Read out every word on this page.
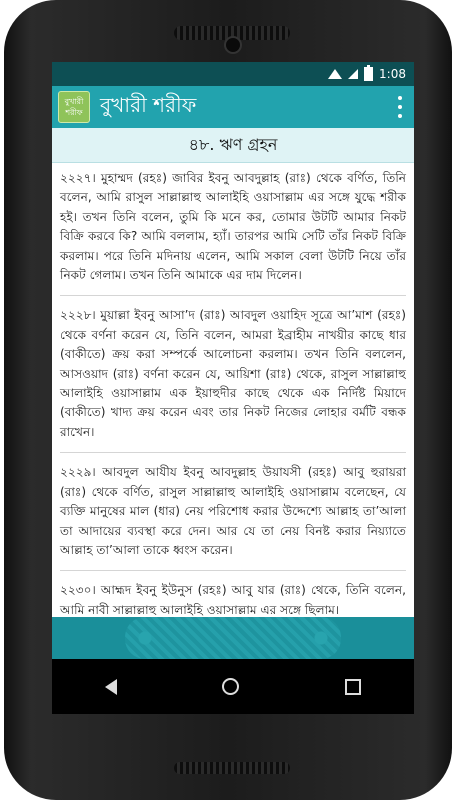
1:08
বুখারী
শরীফ বুখারী শরীফ
৪৮. ঋণ গ্রহন

২২২৭। মুহাম্মদ (রহঃ) জাবির ইবনু আবদুল্লাহ (রাঃ) থেকে বর্ণিত, তিনি বলেন, আমি রাসুল সাল্লাল্লাহু আলাইহি ওয়াসাল্লাম এর সঙ্গে যুদ্ধে শরীক হই। তখন তিনি বলেন, তুমি কি মনে কর, তোমার উটটি আমার নিকট বিক্রি করবে কি? আমি বললাম, হ্যাঁ। তারপর আমি সেটি তাঁর নিকট বিক্রি করলাম। পরে তিনি মদিনায় এলেন, আমি সকাল বেলা উটটি নিয়ে তাঁর নিকট গেলাম। তখন তিনি আমাকে এর দাম দিলেন।

২২২৮। মুয়াল্লা ইবনু আসা’দ (রাঃ) আবদুল ওয়াহিদ সূত্রে আ’মাশ (রহঃ) থেকে বর্ণনা করেন যে, তিনি বলেন, আমরা ইব্রাহীম নাখয়ীর কাছে ধার (বাকীতে) ক্রয় করা সম্পর্কে আলোচনা করলাম। তখন তিনি বললেন, আসওয়াদ (রাঃ) বর্ণনা করেন যে, আয়িশা (রাঃ) থেকে, রাসুল সাল্লাল্লাহু আলাইহি ওয়াসাল্লাম এক ইয়াহুদীর কাছে থেকে এক নির্দিষ্ট মিয়াদে (বাকীতে) খাদ্য ক্রয় করেন এবং তার নিকট নিজের লোহার বর্মটি বন্ধক রাখেন।

২২২৯। আবদুল আযীয ইবনু আবদুল্লাহ উয়াযসী (রহঃ) আবু হুরায়রা (রাঃ) থেকে বর্ণিত, রাসুল সাল্লাল্লাহু আলাইহি ওয়াসাল্লাম বলেছেন, যে ব্যক্তি মানুষের মাল (ধার) নেয় পরিশোধ করার উদ্দেশ্যে আল্লাহ তা’আলা তা আদায়ের ব্যবস্থা করে দেন। আর যে তা নেয় বিনষ্ট করার নিয়্যাতে আল্লাহ তা’আলা তাকে ধ্বংস করেন।

২২৩০। আহ্মদ ইবনু ইউনুস (রহঃ) আবু যার (রাঃ) থেকে, তিনি বলেন, আমি নাবী সাল্লাল্লাহু আলাইহি ওয়াসাল্লাম এর সঙ্গে ছিলাম।
